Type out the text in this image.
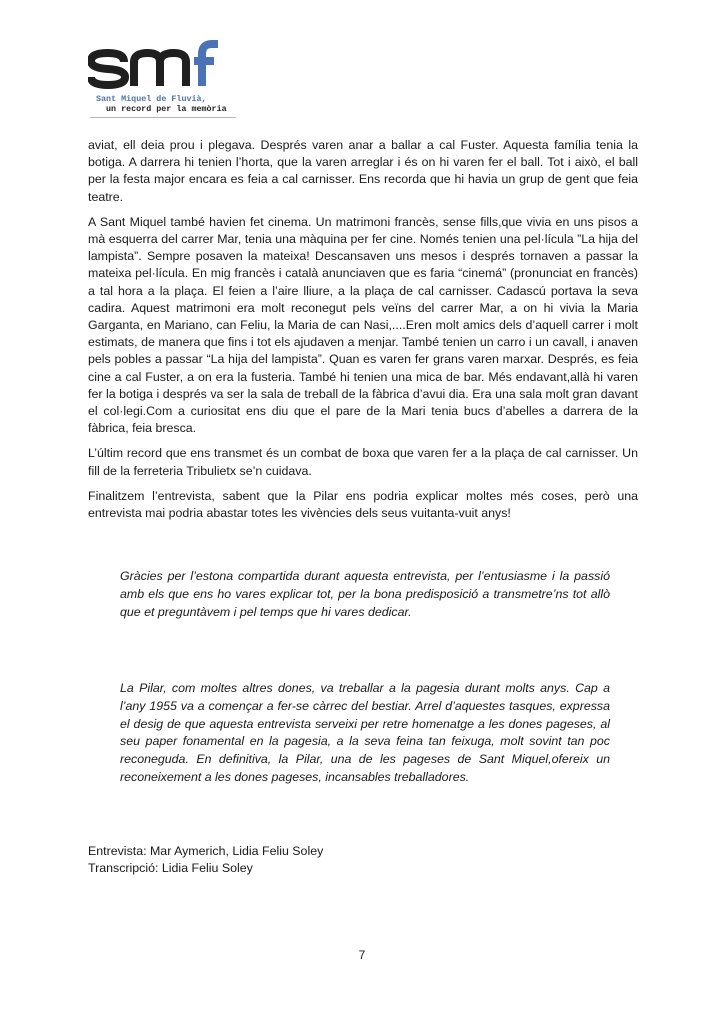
Sant Miquel de Fluvià,
un record per la memòria

aviat, ell deia prou i plegava. Després varen anar a ballar a cal Fuster. Aquesta família tenia la botiga. A darrera hi tenien l’horta, que la varen arreglar i és on hi varen fer el ball. Tot i això, el ball per la festa major encara es feia a cal carnisser. Ens recorda que hi havia un grup de gent que feia teatre.

A Sant Miquel també havien fet cinema. Un matrimoni francès, sense fills,que vivia en uns pisos a mà esquerra del carrer Mar, tenia una màquina per fer cine. Només tenien una pel·lícula ”La hija del lampista”. Sempre posaven la mateixa! Descansaven uns mesos i després tornaven a passar la mateixa pel·lícula. En mig francès i català anunciaven que es faria “cinemá” (pronunciat en francès) a tal hora a la plaça. El feien a l’aire lliure, a la plaça de cal carnisser. Cadascú portava la seva cadira. Aquest matrimoni era molt reconegut pels veïns del carrer Mar, a on hi vivia la Maria Garganta, en Mariano, can Feliu, la Maria de can Nasi,....Eren molt amics dels d’aquell carrer i molt estimats, de manera que fins i tot els ajudaven a menjar. També tenien un carro i un cavall, i anaven pels pobles a passar “La hija del lampista”. Quan es varen fer grans varen marxar. Després, es feia cine a cal Fuster, a on era la fusteria. També hi tenien una mica de bar. Més endavant,allà hi varen fer la botiga i després va ser la sala de treball de la fàbrica d’avui dia. Era una sala molt gran davant el col·legi.Com a curiositat ens diu que el pare de la Mari tenia bucs d’abelles a darrera de la fàbrica, feia bresca.

L’últim record que ens transmet és un combat de boxa que varen fer a la plaça de cal carnisser. Un fill de la ferreteria Tribulietx se’n cuidava.

Finalitzem l’entrevista, sabent que la Pilar ens podria explicar moltes més coses, però una entrevista mai podria abastar totes les vivències dels seus vuitanta-vuit anys!

Gràcies per l’estona compartida durant aquesta entrevista, per l’entusiasme i la passió amb els que ens ho vares explicar tot, per la bona predisposició a transmetre’ns tot allò que et preguntàvem i pel temps que hi vares dedicar.
La Pilar, com moltes altres dones, va treballar a la pagesia durant molts anys. Cap a l’any 1955 va a començar a fer-se càrrec del bestiar. Arrel d’aquestes tasques, expressa el desig de que aquesta entrevista serveixi per retre homenatge a les dones pageses, al seu paper fonamental en la pagesia, a la seva feina tan feixuga, molt sovint tan poc reconeguda. En definitiva, la Pilar, una de les pageses de Sant Miquel,ofereix un reconeixement a les dones pageses, incansables treballadores.
Entrevista: Mar Aymerich, Lidia Feliu Soley
Transcripció: Lidia Feliu Soley
7
